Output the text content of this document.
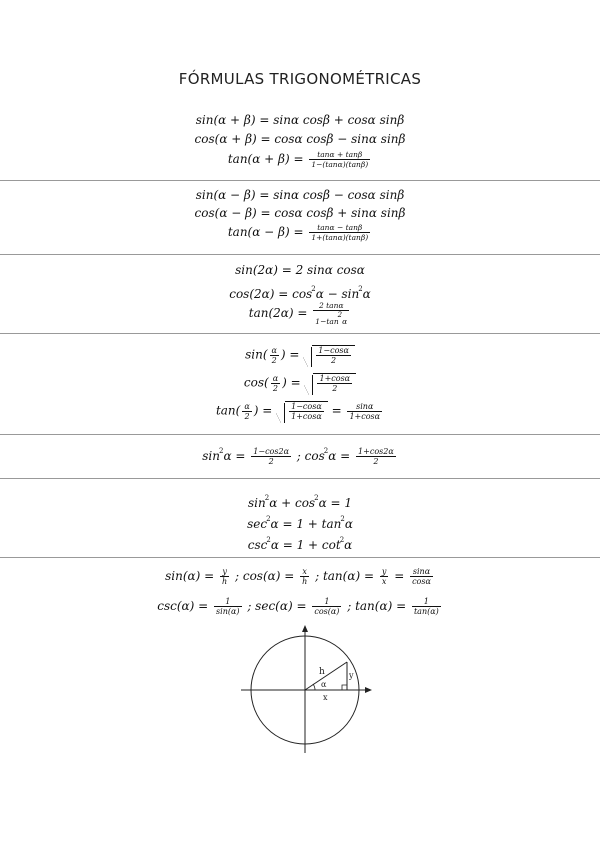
FÓRMULAS TRIGONOMÉTRICAS
sin(α + β) = sinα cosβ + cosα sinβ
cos(α + β) = cosα cosβ − sinα sinβ
$\tan(\alpha + \beta) = \frac{\tan\alpha + \tan\beta}{1-(\tan\alpha)(\tan\beta)}$
sin(α − β) = sinα cosβ − cosα sinβ
cos(α − β) = cosα cosβ + sinα sinβ
$\tan(\alpha - \beta) = \frac{\tan\alpha - \tan\beta}{1+(\tan\alpha)(\tan\beta)}$
sin(2α) = 2 sinα cosα
$\cos(2\alpha) = \cos^2\alpha - \sin^2\alpha$
$\tan(2\alpha) = \frac{2 \tan\alpha}{1-\tan^2\alpha}$
$\sin( \frac{\alpha}{2}$ ) = $\frac{1-\cos\alpha}{2}$
$\cos( \frac{\alpha}{2}$ ) = $\frac{1+\cos\alpha}{2}$
$\tan( \frac{\alpha}{2}$ ) = $\frac{1-\cos\alpha}{1+\cos\alpha} = \frac{\sin\alpha}{1+\cos\alpha}$
$\sin^2\alpha = \frac{1-\cos 2\alpha}{2}$ ; $\cos^2\alpha = \frac{1+\cos 2\alpha}{2}$
$\sin^2\alpha + \cos^2\alpha = 1$
$\sec^2\alpha = 1 + \tan^2\alpha$
$\csc^2\alpha = 1 + \cot^2\alpha$
$\sin(\alpha) = \frac{y}{h}$ ; $\cos(\alpha) = \frac{x}{h}$ ; $\tan(\alpha) = \frac{y}{x} = \frac{\sin\alpha}{\cos\alpha}$
$\csc(\alpha) = \frac{1}{\sin(\alpha)}$ ; $\sec(\alpha) = \frac{1}{\cos(\alpha)}$ ; $\tan(\alpha) = \frac{1}{\tan(\alpha)}$
h
α
y
x
